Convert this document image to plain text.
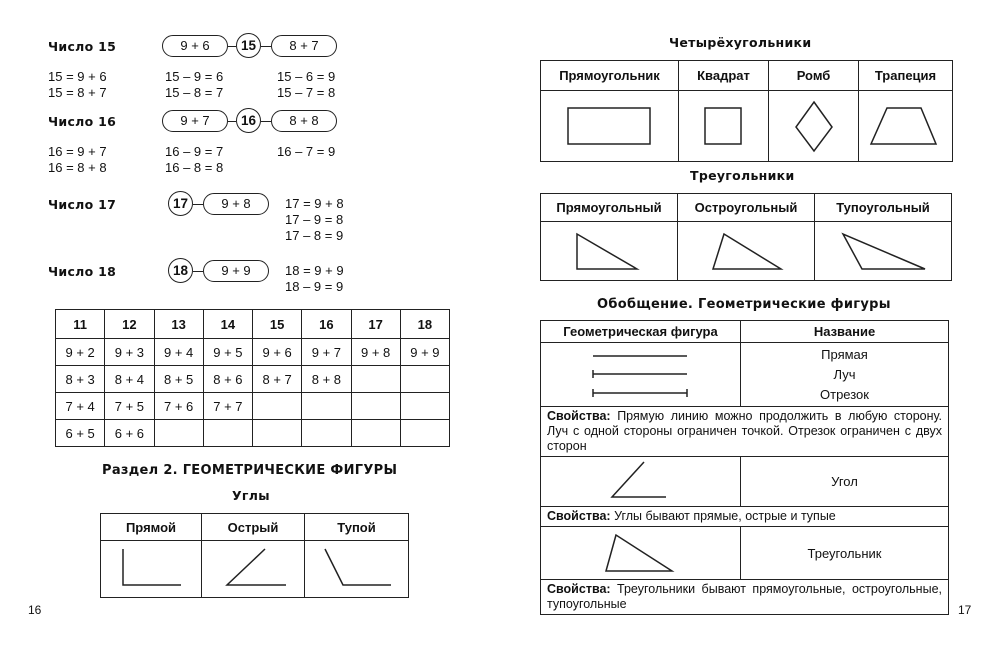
Число 15	9 + 6	15	8 + 7
15 = 9 + 6
15 = 8 + 7
15 – 9 = 6
15 – 8 = 7
15 – 6 = 9
15 – 7 = 8
Число 16	9 + 7	16	8 + 8
16 = 9 + 7
16 = 8 + 8
16 – 9 = 7
16 – 8 = 8
16 – 7 = 9
Число 17	17	9 + 8	17 = 9 + 8
17 – 9 = 8
17 – 8 = 9
Число 18	18	9 + 9	18 = 9 + 9
18 – 9 = 9
11	12	13	14	15	16	17	18
9 + 2	9 + 3	9 + 4	9 + 5	9 + 6	9 + 7	9 + 8	9 + 9
8 + 3	8 + 4	8 + 5	8 + 6	8 + 7	8 + 8		
7 + 4	7 + 5	7 + 6	7 + 7				
6 + 5	6 + 6						
Раздел 2. ГЕОМЕТРИЧЕСКИЕ ФИГУРЫ
Углы
Прямой	Острый	Тупой

16
Четырёхугольники
Прямоугольник	Квадрат	Ромб	Трапеция

Треугольники
Прямоугольный	Остроугольный	Тупоугольный

Обобщение. Геометрические фигуры
Геометрическая фигура	Название

Прямая
Луч
Отрезок

Свойства: Прямую линию можно продолжить в любую сторону. Луч с одной стороны ограничен точкой. Отрезок ограничен с двух сторон	

	Угол
Свойства: Углы бывают прямые, острые и тупые	

	Треугольник
Свойства: Треугольники бывают прямоугольные, остроугольные, тупоугольные		17
